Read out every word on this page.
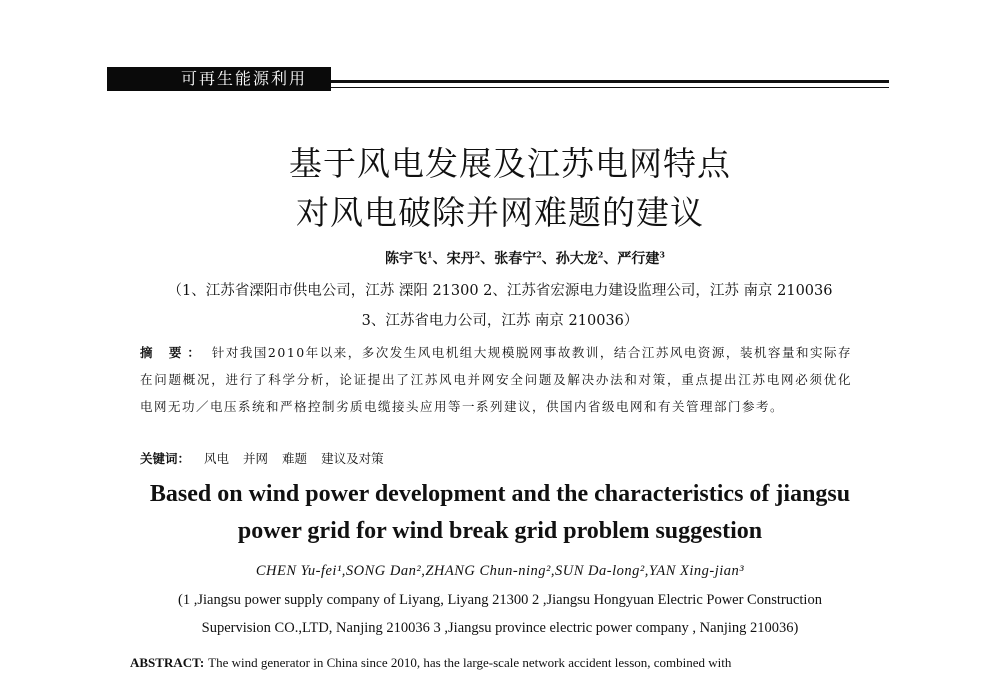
可再生能源利用
基于风电发展及江苏电网特点
对风电破除并网难题的建议
陈宇飞$^1$、宋丹$^2$、张春宁$^2$、孙大龙$^2$、严行建$^3$
（1、江苏省溧阳市供电公司，江苏 溧阳 21300 2、江苏省宏源电力建设监理公司，江苏 南京 210036
3、江苏省电力公司，江苏 南京 210036）
摘 要： 针对我国2010年以来，多次发生风电机组大规模脱网事故教训，结合江苏风电资源，装机容量和实际存在问题概况，进行了科学分析，论证提出了江苏风电并网安全问题及解决办法和对策，重点提出江苏电网必须优化电网无功／电压系统和严格控制劣质电缆接头应用等一系列建议，供国内省级电网和有关管理部门参考。
关键词： 风电 并网 难题 建议及对策
Based on wind power development and the characteristics of jiangsu
power grid for wind break grid problem suggestion
CHEN Yu-fei¹,SONG Dan²,ZHANG Chun-ning²,SUN Da-long²,YAN Xing-jian³
(1 ,Jiangsu power supply company of Liyang, Liyang 21300 2 ,Jiangsu Hongyuan Electric Power Construction
Supervision CO.,LTD, Nanjing 210036 3 ,Jiangsu province electric power company , Nanjing 210036)
ABSTRACT: The wind generator in China since 2010, has the large-scale network accident lesson, combined with
